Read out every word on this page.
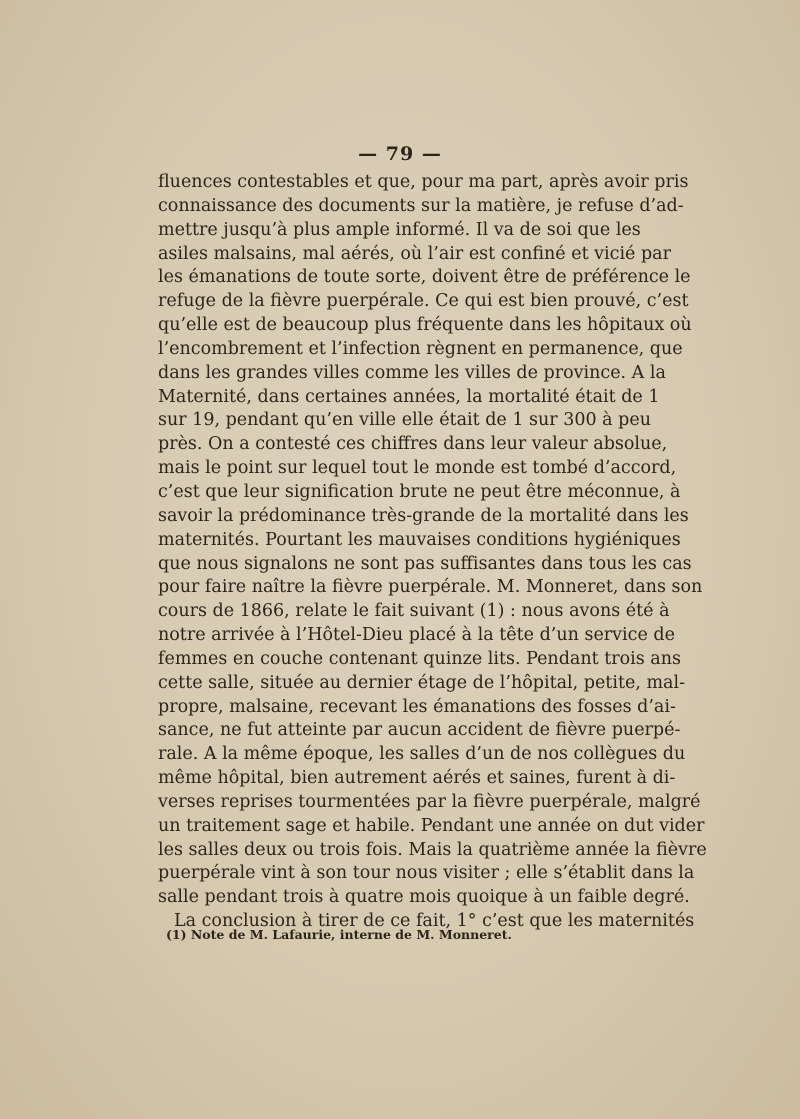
— 79 —
fluences contestables et que, pour ma part, après avoir pris
connaissance des documents sur la matière, je refuse d’ad-
mettre jusqu’à plus ample informé. Il va de soi que les
asiles malsains, mal aérés, où l’air est confiné et vicié par
les émanations de toute sorte, doivent être de préférence le
refuge de la fièvre puerpérale. Ce qui est bien prouvé, c’est
qu’elle est de beaucoup plus fréquente dans les hôpitaux où
l’encombrement et l’infection règnent en permanence, que
dans les grandes villes comme les villes de province. A la
Maternité, dans certaines années, la mortalité était de 1
sur 19, pendant qu’en ville elle était de 1 sur 300 à peu
près. On a contesté ces chiffres dans leur valeur absolue,
mais le point sur lequel tout le monde est tombé d’accord,
c’est que leur signification brute ne peut être méconnue, à
savoir la prédominance très-grande de la mortalité dans les
maternités. Pourtant les mauvaises conditions hygiéniques
que nous signalons ne sont pas suffisantes dans tous les cas
pour faire naître la fièvre puerpérale. M. Monneret, dans son
cours de 1866, relate le fait suivant (1) : nous avons été à
notre arrivée à l’Hôtel-Dieu placé à la tête d’un service de
femmes en couche contenant quinze lits. Pendant trois ans
cette salle, située au dernier étage de l’hôpital, petite, mal-
propre, malsaine, recevant les émanations des fosses d’ai-
sance, ne fut atteinte par aucun accident de fièvre puerpé-
rale. A la même époque, les salles d’un de nos collègues du
même hôpital, bien autrement aérés et saines, furent à di-
verses reprises tourmentées par la fièvre puerpérale, malgré
un traitement sage et habile. Pendant une année on dut vider
les salles deux ou trois fois. Mais la quatrième année la fièvre
puerpérale vint à son tour nous visiter ; elle s’établit dans la
salle pendant trois à quatre mois quoique à un faible degré.
La conclusion à tirer de ce fait, 1° c’est que les maternités
(1) Note de M. Lafaurie, interne de M. Monneret.
